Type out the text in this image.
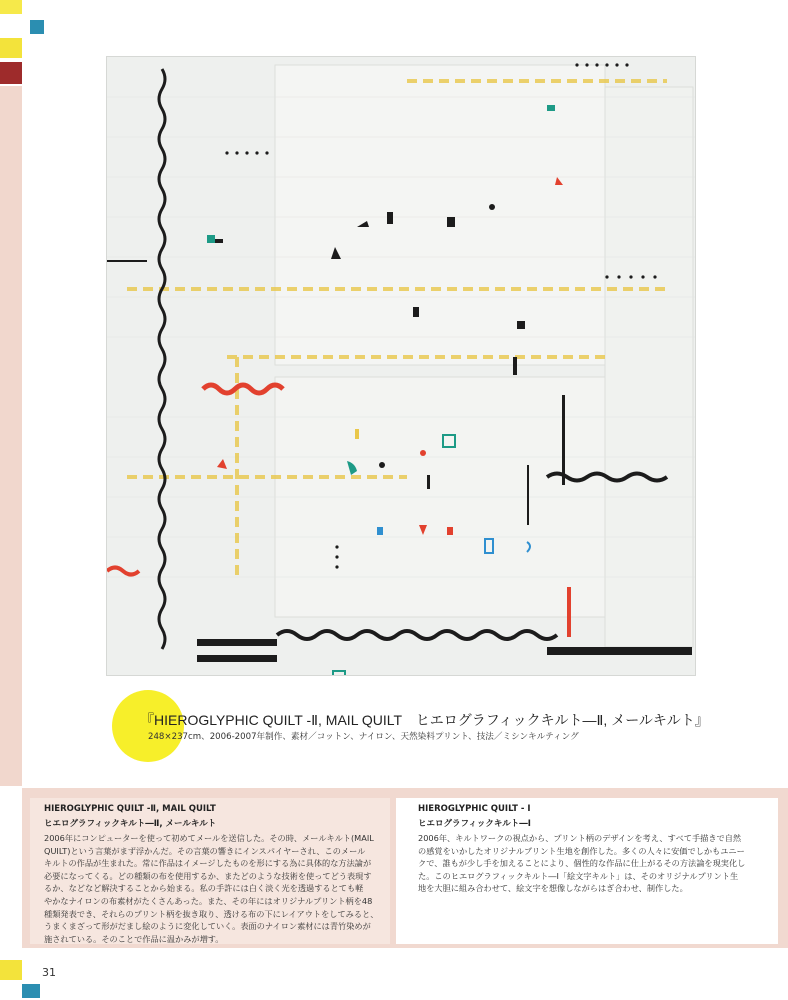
『HIEROGLYPHIC QUILT -Ⅱ, MAIL QUILT　ヒエログラフィックキルト―Ⅱ, メールキルト』
248×237cm、2006-2007年制作、素材／コットン、ナイロン、天然染料プリント、技法／ミシンキルティング
HIEROGLYPHIC QUILT -Ⅱ, MAIL QUILT
ヒエログラフィックキルト―Ⅱ, メールキルト
2006年にコンピューターを使って初めてメールを送信した。その時、メールキルト(MAIL
QUILT)という言葉がまず浮かんだ。その言葉の響きにインスパイヤーされ、このメール
キルトの作品が生まれた。常に作品はイメージしたものを形にする為に具体的な方法論が
必要になってくる。どの種類の布を使用するか、またどのような技術を使ってどう表現す
るか、などなど解決することから始まる。私の手許には白く淡く光を透過するとても軽
やかなナイロンの布素材がたくさんあった。また、その年にはオリジナルプリント柄を48
種類発表でき、それらのプリント柄を抜き取り、透ける布の下にレイアウトをしてみると、
うまくまざって形がだまし絵のように変化していく。表面のナイロン素材には青竹染めが
施されている。そのことで作品に温かみが増す。
HIEROGLYPHIC QUILT - Ⅰ
ヒエログラフィックキルト―Ⅰ
2006年、キルトワークの視点から、プリント柄のデザインを考え、すべて手描きで自然
の感覚をいかしたオリジナルプリント生地を創作した。多くの人々に安価でしかもユニー
クで、誰もが少し手を加えることにより、個性的な作品に仕上がるその方法論を現実化し
た。このヒエログラフィックキルト―Ⅰ「絵文字キルト」は、そのオリジナルプリント生
地を大胆に組み合わせて、絵文字を想像しながらはぎ合わせ、制作した。
31
